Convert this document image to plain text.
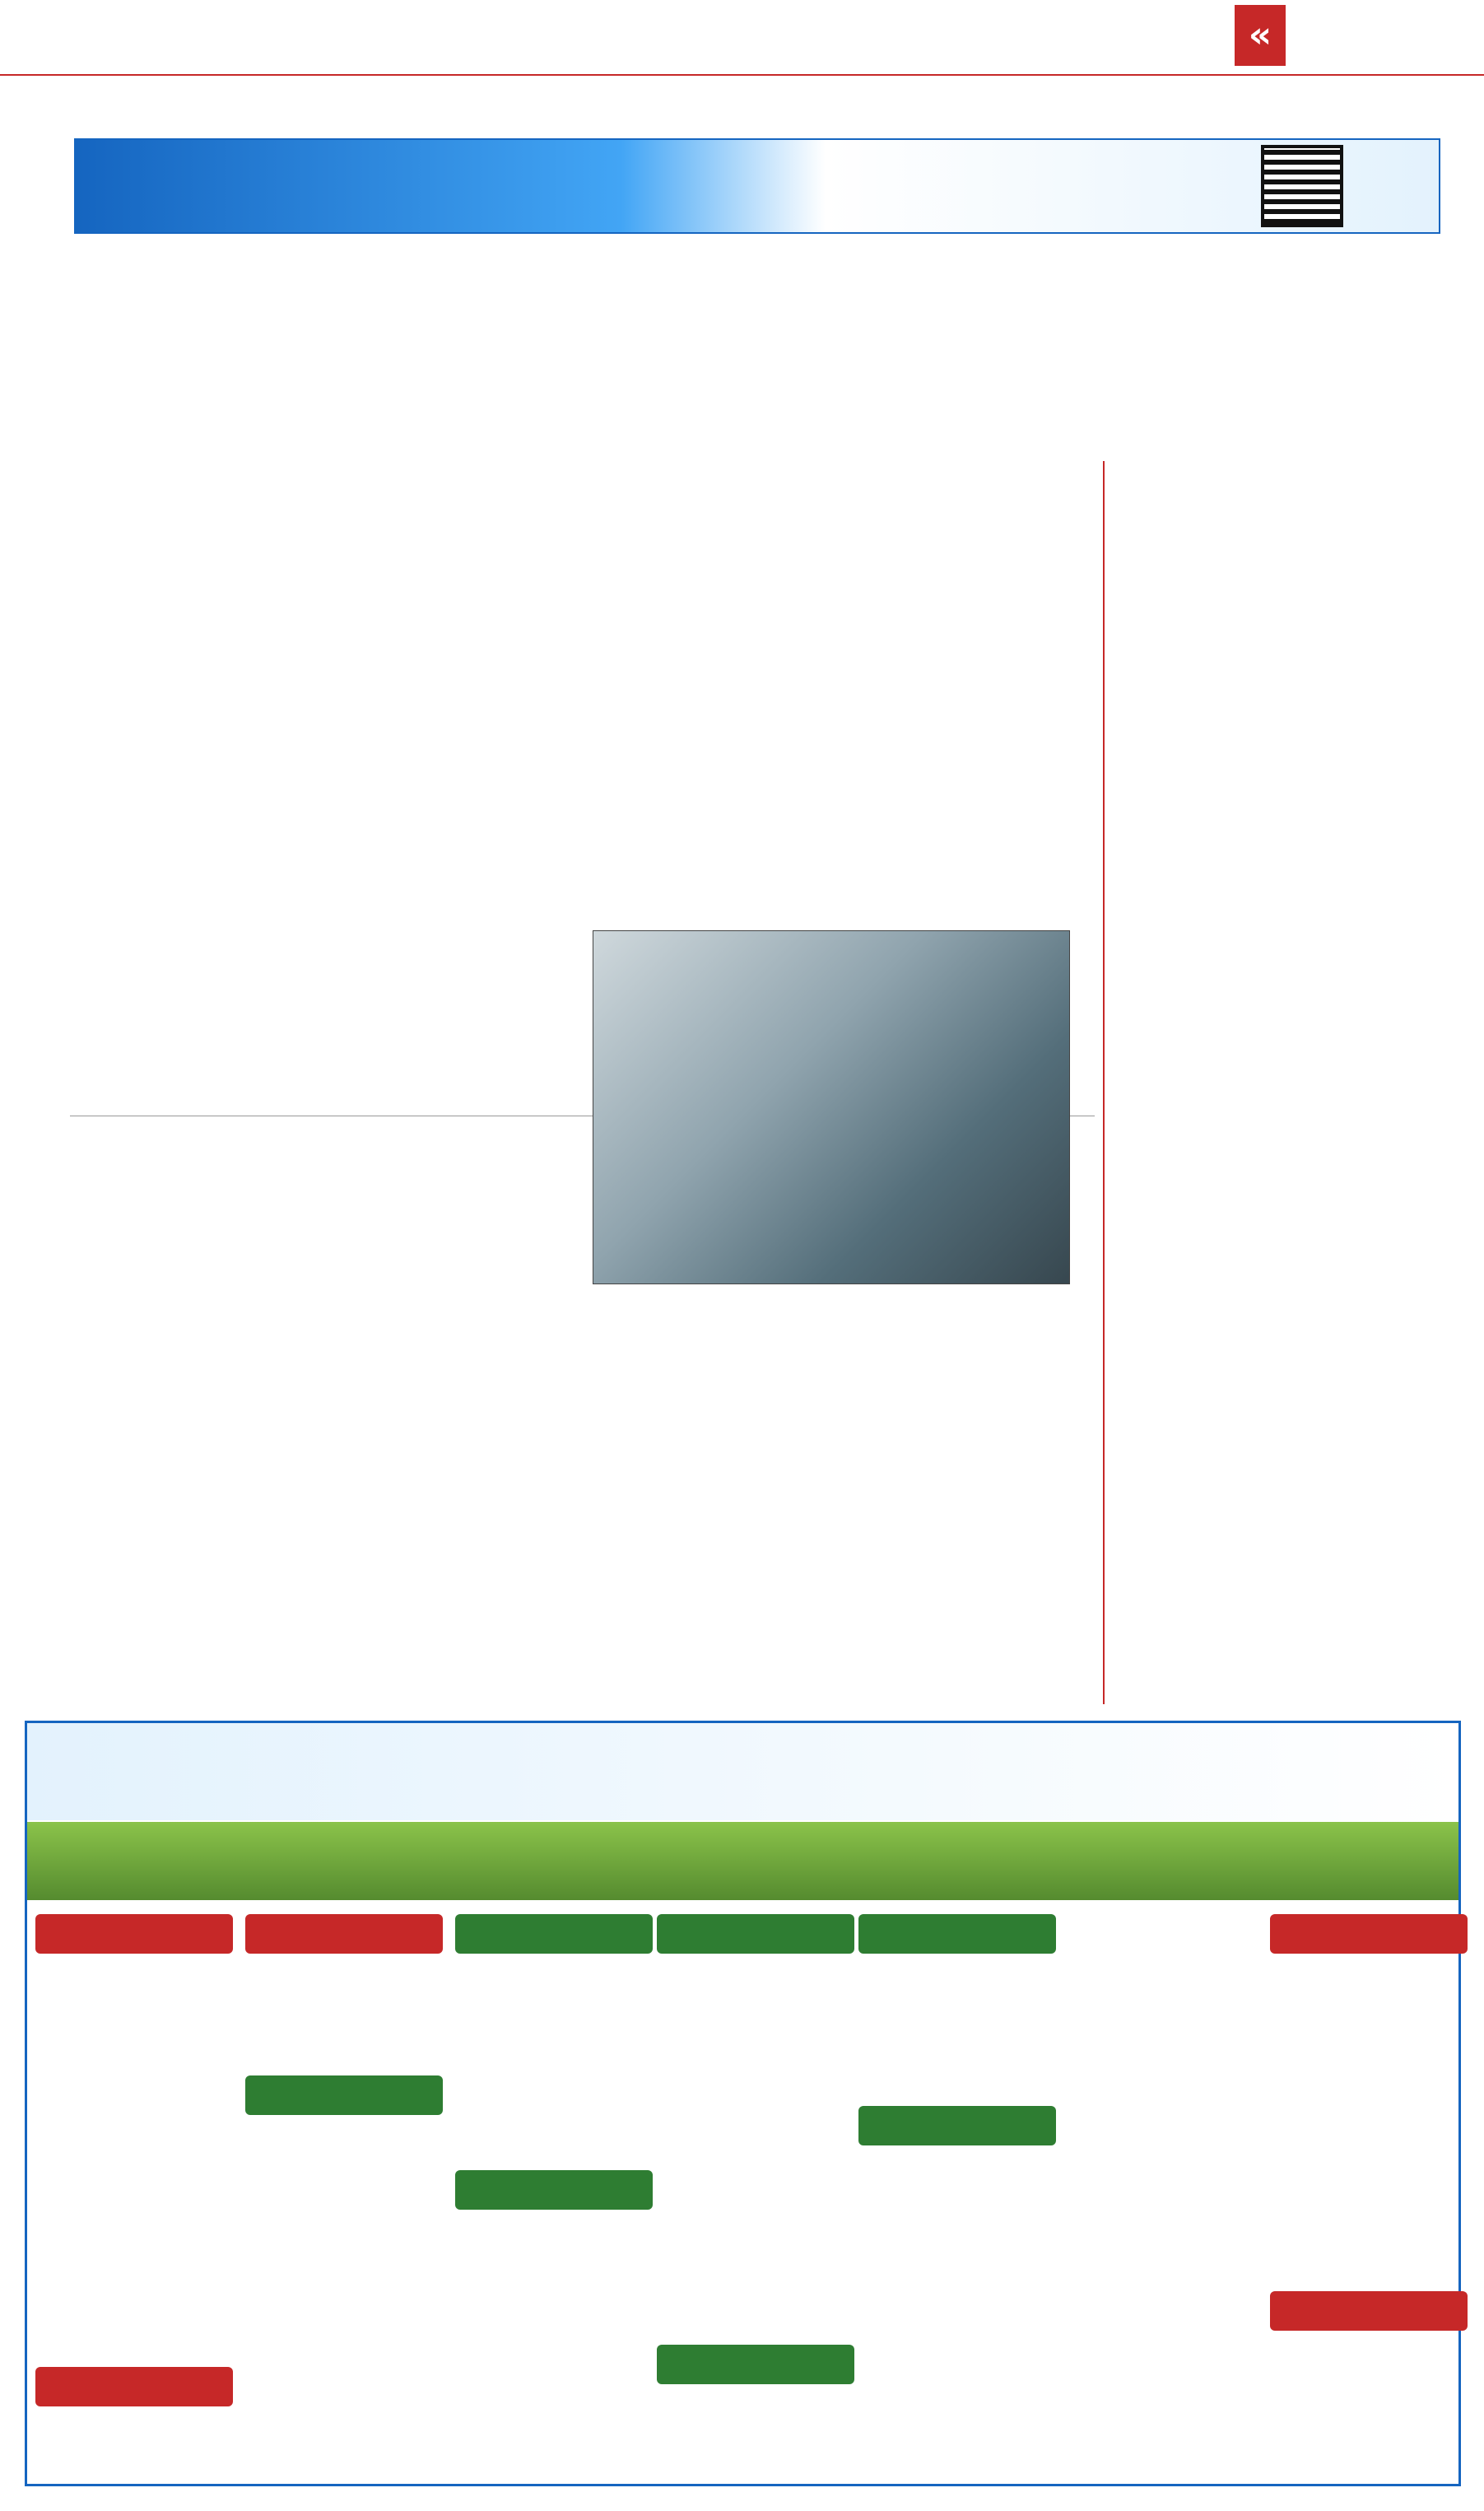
«
